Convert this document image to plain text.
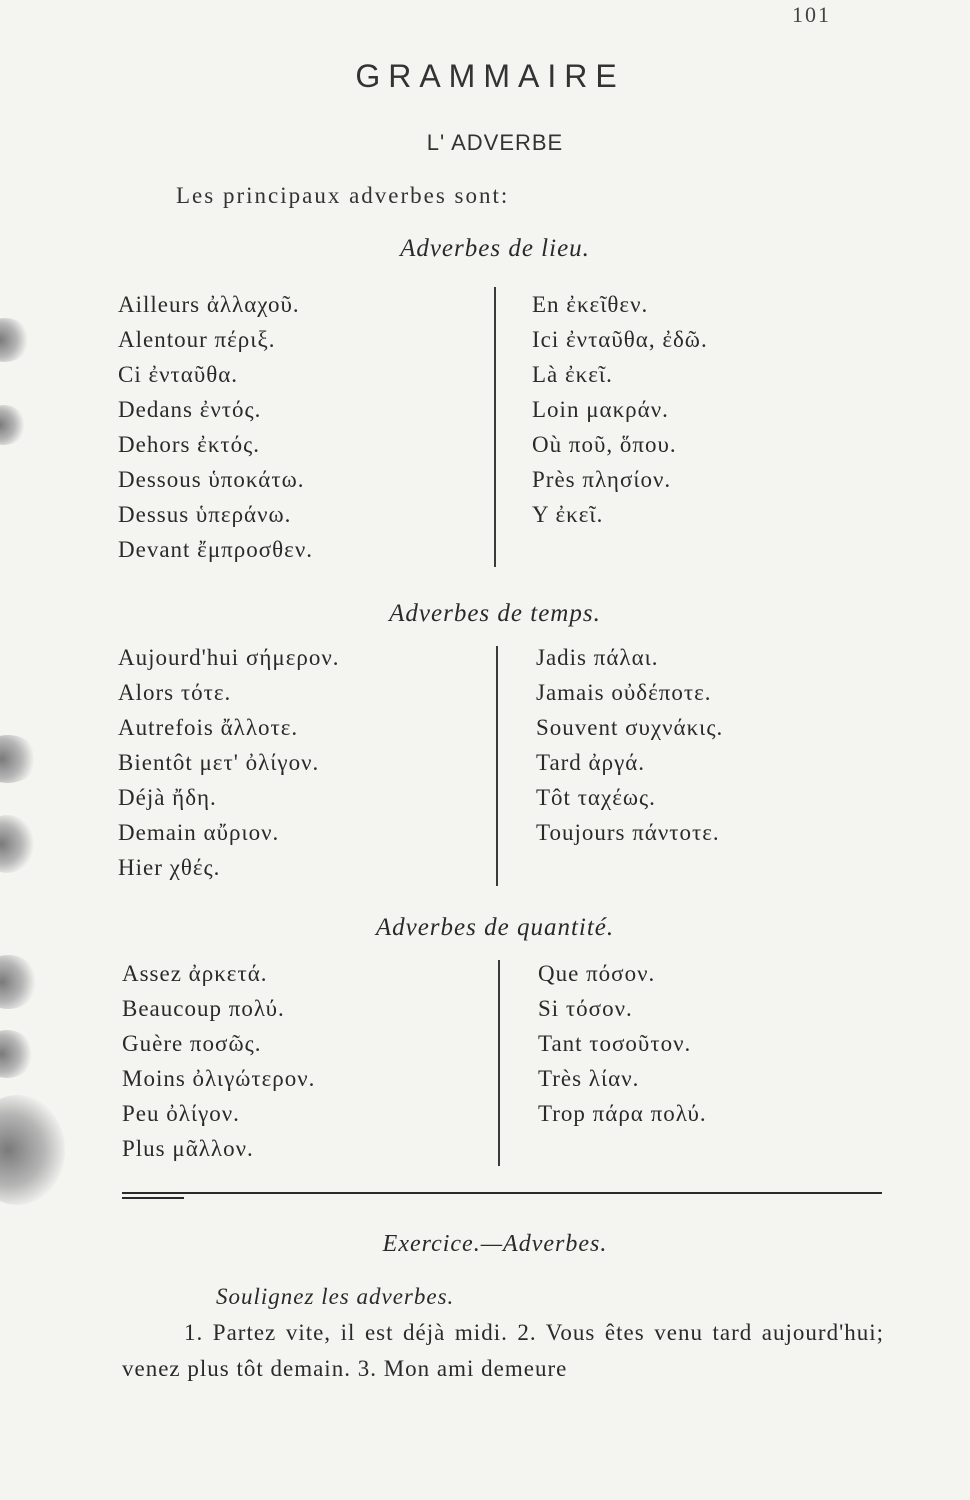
101
GRAMMAIRE
L' ADVERBE
Les principaux adverbes sont:
Adverbes de lieu.
Ailleurs ἀλλαχοῦ.
Alentour πέριξ.
Ci ἐνταῦθα.
Dedans ἐντός.
Dehors ἐκτός.
Dessous ὑποκάτω.
Dessus ὑπεράνω.
Devant ἔμπροσθεν.
En ἐκεῖθεν.
Ici ἐνταῦθα, ἐδῶ.
Là ἐκεῖ.
Loin μακράν.
Où ποῦ, ὅπου.
Près πλησίον.
Y ἐκεῖ.
Adverbes de temps.
Aujourd'hui σήμερον.
Alors τότε.
Autrefois ἄλλοτε.
Bientôt μετ' ὀλίγον.
Déjà ἤδη.
Demain αὔριον.
Hier χθές.
Jadis πάλαι.
Jamais οὐδέποτε.
Souvent συχνάκις.
Tard ἀργά.
Tôt ταχέως.
Toujours πάντοτε.
Adverbes de quantité.
Assez ἀρκετά.
Beaucoup πολύ.
Guère ποσῶς.
Moins ὀλιγώτερον.
Peu ὀλίγον.
Plus μᾶλλον.
Que πόσον.
Si τόσον.
Tant τοσοῦτον.
Très λίαν.
Trop πάρα πολύ.
Exercice.—Adverbes.
Soulignez les adverbes.
1. Partez vite, il est déjà midi. 2. Vous êtes venu tard aujourd'hui; venez plus tôt demain. 3. Mon ami demeure
